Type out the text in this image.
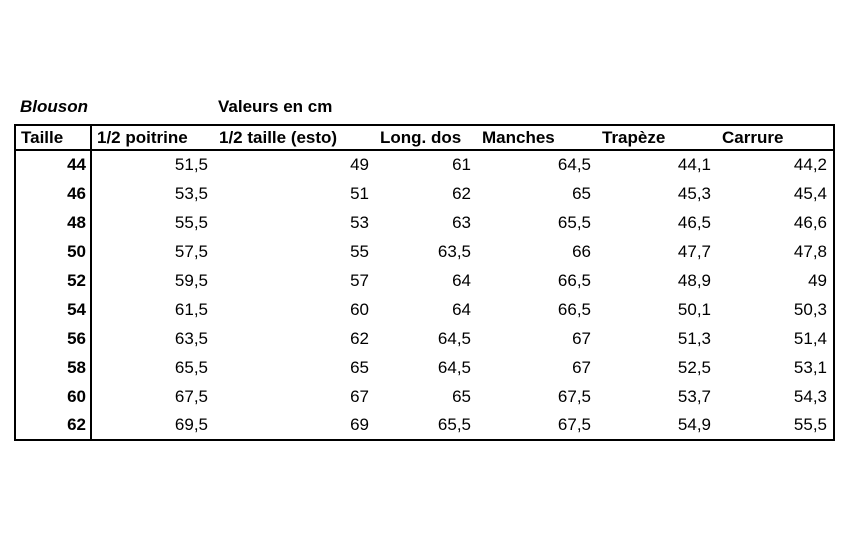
Blouson	Valeurs en cm
Taille	1/2 poitrine	1/2 taille (esto)	Long. dos	Manches	Trapèze	Carrure
44	51,5	49	61	64,5	44,1	44,2
46	53,5	51	62	65	45,3	45,4
48	55,5	53	63	65,5	46,5	46,6
50	57,5	55	63,5	66	47,7	47,8
52	59,5	57	64	66,5	48,9	49
54	61,5	60	64	66,5	50,1	50,3
56	63,5	62	64,5	67	51,3	51,4
58	65,5	65	64,5	67	52,5	53,1
60	67,5	67	65	67,5	53,7	54,3
62	69,5	69	65,5	67,5	54,9	55,5
